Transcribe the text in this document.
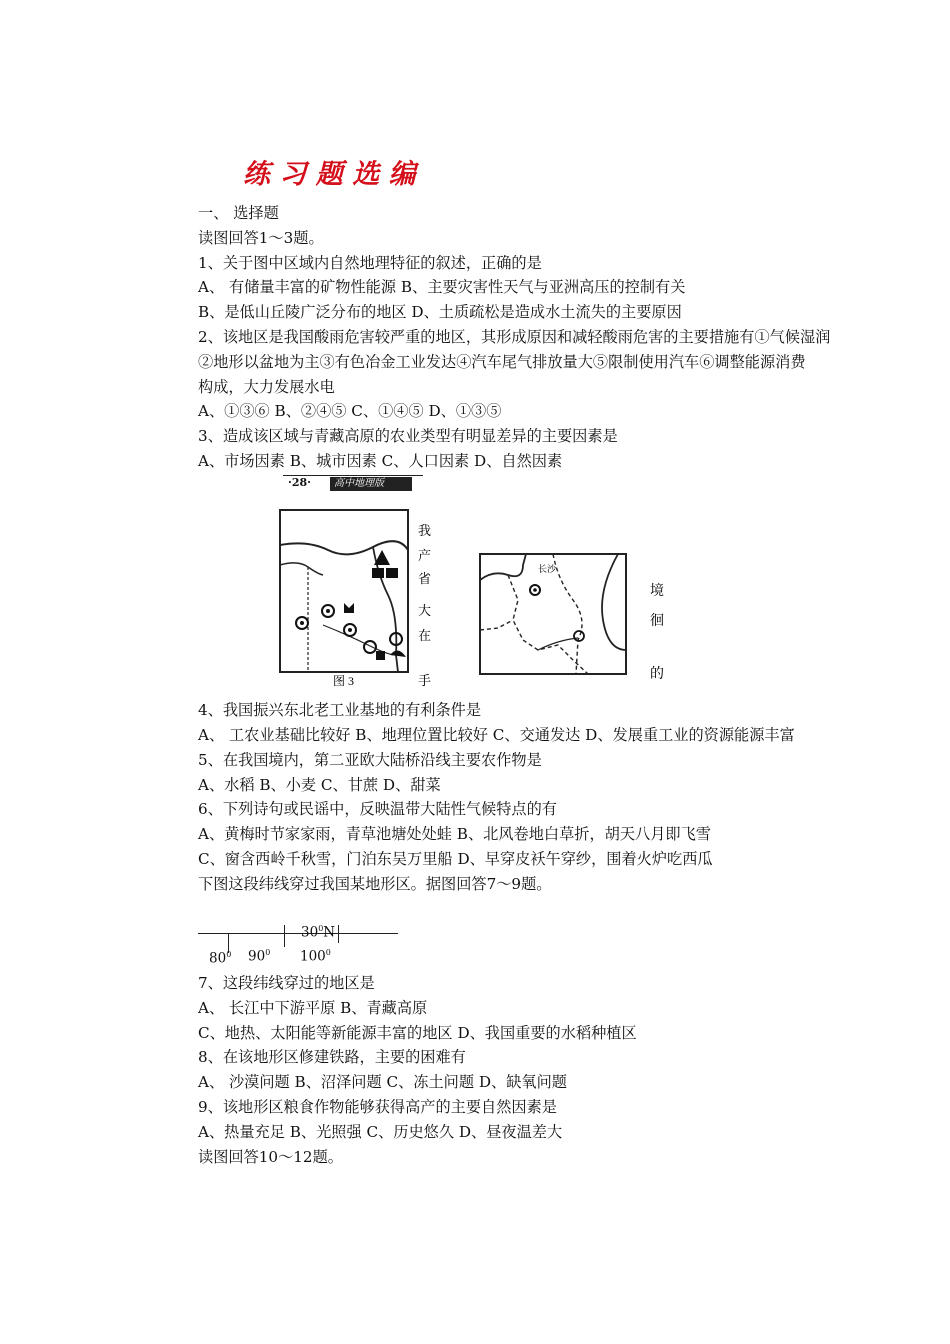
练 习 题 选 编
一、 选择题
读图回答1～3题。
1、关于图中区域内自然地理特征的叙述，正确的是
A、 有储量丰富的矿物性能源 B、主要灾害性天气与亚洲高压的控制有关
B、是低山丘陵广泛分布的地区 D、土质疏松是造成水土流失的主要原因
2、该地区是我国酸雨危害较严重的地区，其形成原因和减轻酸雨危害的主要措施有①气候湿润
②地形以盆地为主③有色冶金工业发达④汽车尾气排放量大⑤限制使用汽车⑥调整能源消费
构成，大力发展水电
A、①③⑥ B、②④⑤ C、①④⑤ D、①③⑤
3、造成该区域与青藏高原的农业类型有明显差异的主要因素是
A、市场因素 B、城市因素 C、人口因素 D、自然因素
·28·	高中地理版
图 3
我
产
省
大
在
手
长沙
境
徊
的
4、我国振兴东北老工业基地的有利条件是
A、 工农业基础比较好 B、地理位置比较好 C、交通发达 D、发展重工业的资源能源丰富
5、在我国境内，第二亚欧大陆桥沿线主要农作物是
A、水稻 B、小麦 C、甘蔗 D、甜菜
6、下列诗句或民谣中，反映温带大陆性气候特点的有
A、黄梅时节家家雨，青草池塘处处蛙 B、北风卷地白草折，胡天八月即飞雪
C、窗含西岭千秋雪，门泊东吴万里船 D、早穿皮袄午穿纱，围着火炉吃西瓜
下图这段纬线穿过我国某地形区。据图回答7～9题。
$30^0N$
$80^0$ $90^0$ $100^0$
7、这段纬线穿过的地区是
A、 长江中下游平原 B、青藏高原
C、地热、太阳能等新能源丰富的地区 D、我国重要的水稻种植区
8、在该地形区修建铁路，主要的困难有
A、 沙漠问题 B、沼泽问题 C、冻土问题 D、缺氧问题
9、该地形区粮食作物能够获得高产的主要自然因素是
A、热量充足 B、光照强 C、历史悠久 D、昼夜温差大
读图回答10～12题。
